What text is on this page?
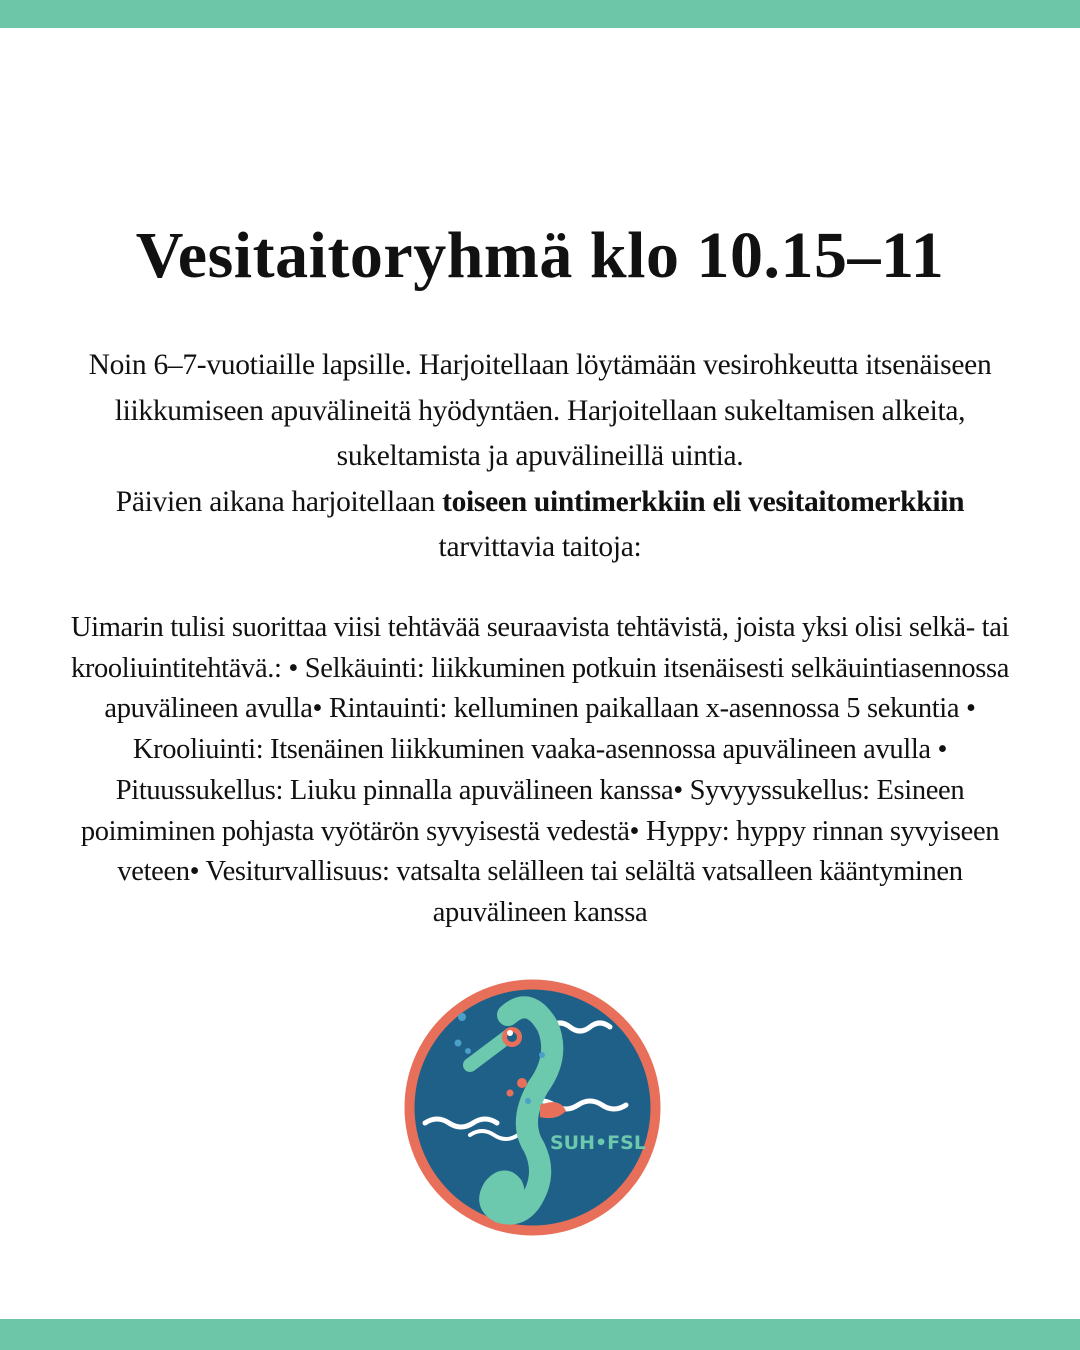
Vesitaitoryhmä klo 10.15–11

Noin 6–7-vuotiaille lapsille. Harjoitellaan löytämään vesirohkeutta itsenäiseen liikkumiseen apuvälineitä hyödyntäen. Harjoitellaan sukeltamisen alkeita, sukeltamista ja apuvälineillä uintia.
Päivien aikana harjoitellaan toiseen uintimerkkiin eli vesitaitomerkkiin tarvittavia taitoja:

Uimarin tulisi suorittaa viisi tehtävää seuraavista tehtävistä, joista yksi olisi selkä- tai krooliuintitehtävä.: • Selkäuinti: liikkuminen potkuin itsenäisesti selkäuintiasennossa apuvälineen avulla• Rintauinti: kelluminen paikallaan x-asennossa 5 sekuntia • Krooliuinti: Itsenäinen liikkuminen vaaka-asennossa apuvälineen avulla • Pituussukellus: Liuku pinnalla apuvälineen kanssa• Syvyyssukellus: Esineen poimiminen pohjasta vyötärön syvyisestä vedestä• Hyppy: hyppy rinnan syvyiseen veteen• Vesiturvallisuus: vatsalta selälleen tai selältä vatsalleen kääntyminen apuvälineen kanssa

SUH•FSL
